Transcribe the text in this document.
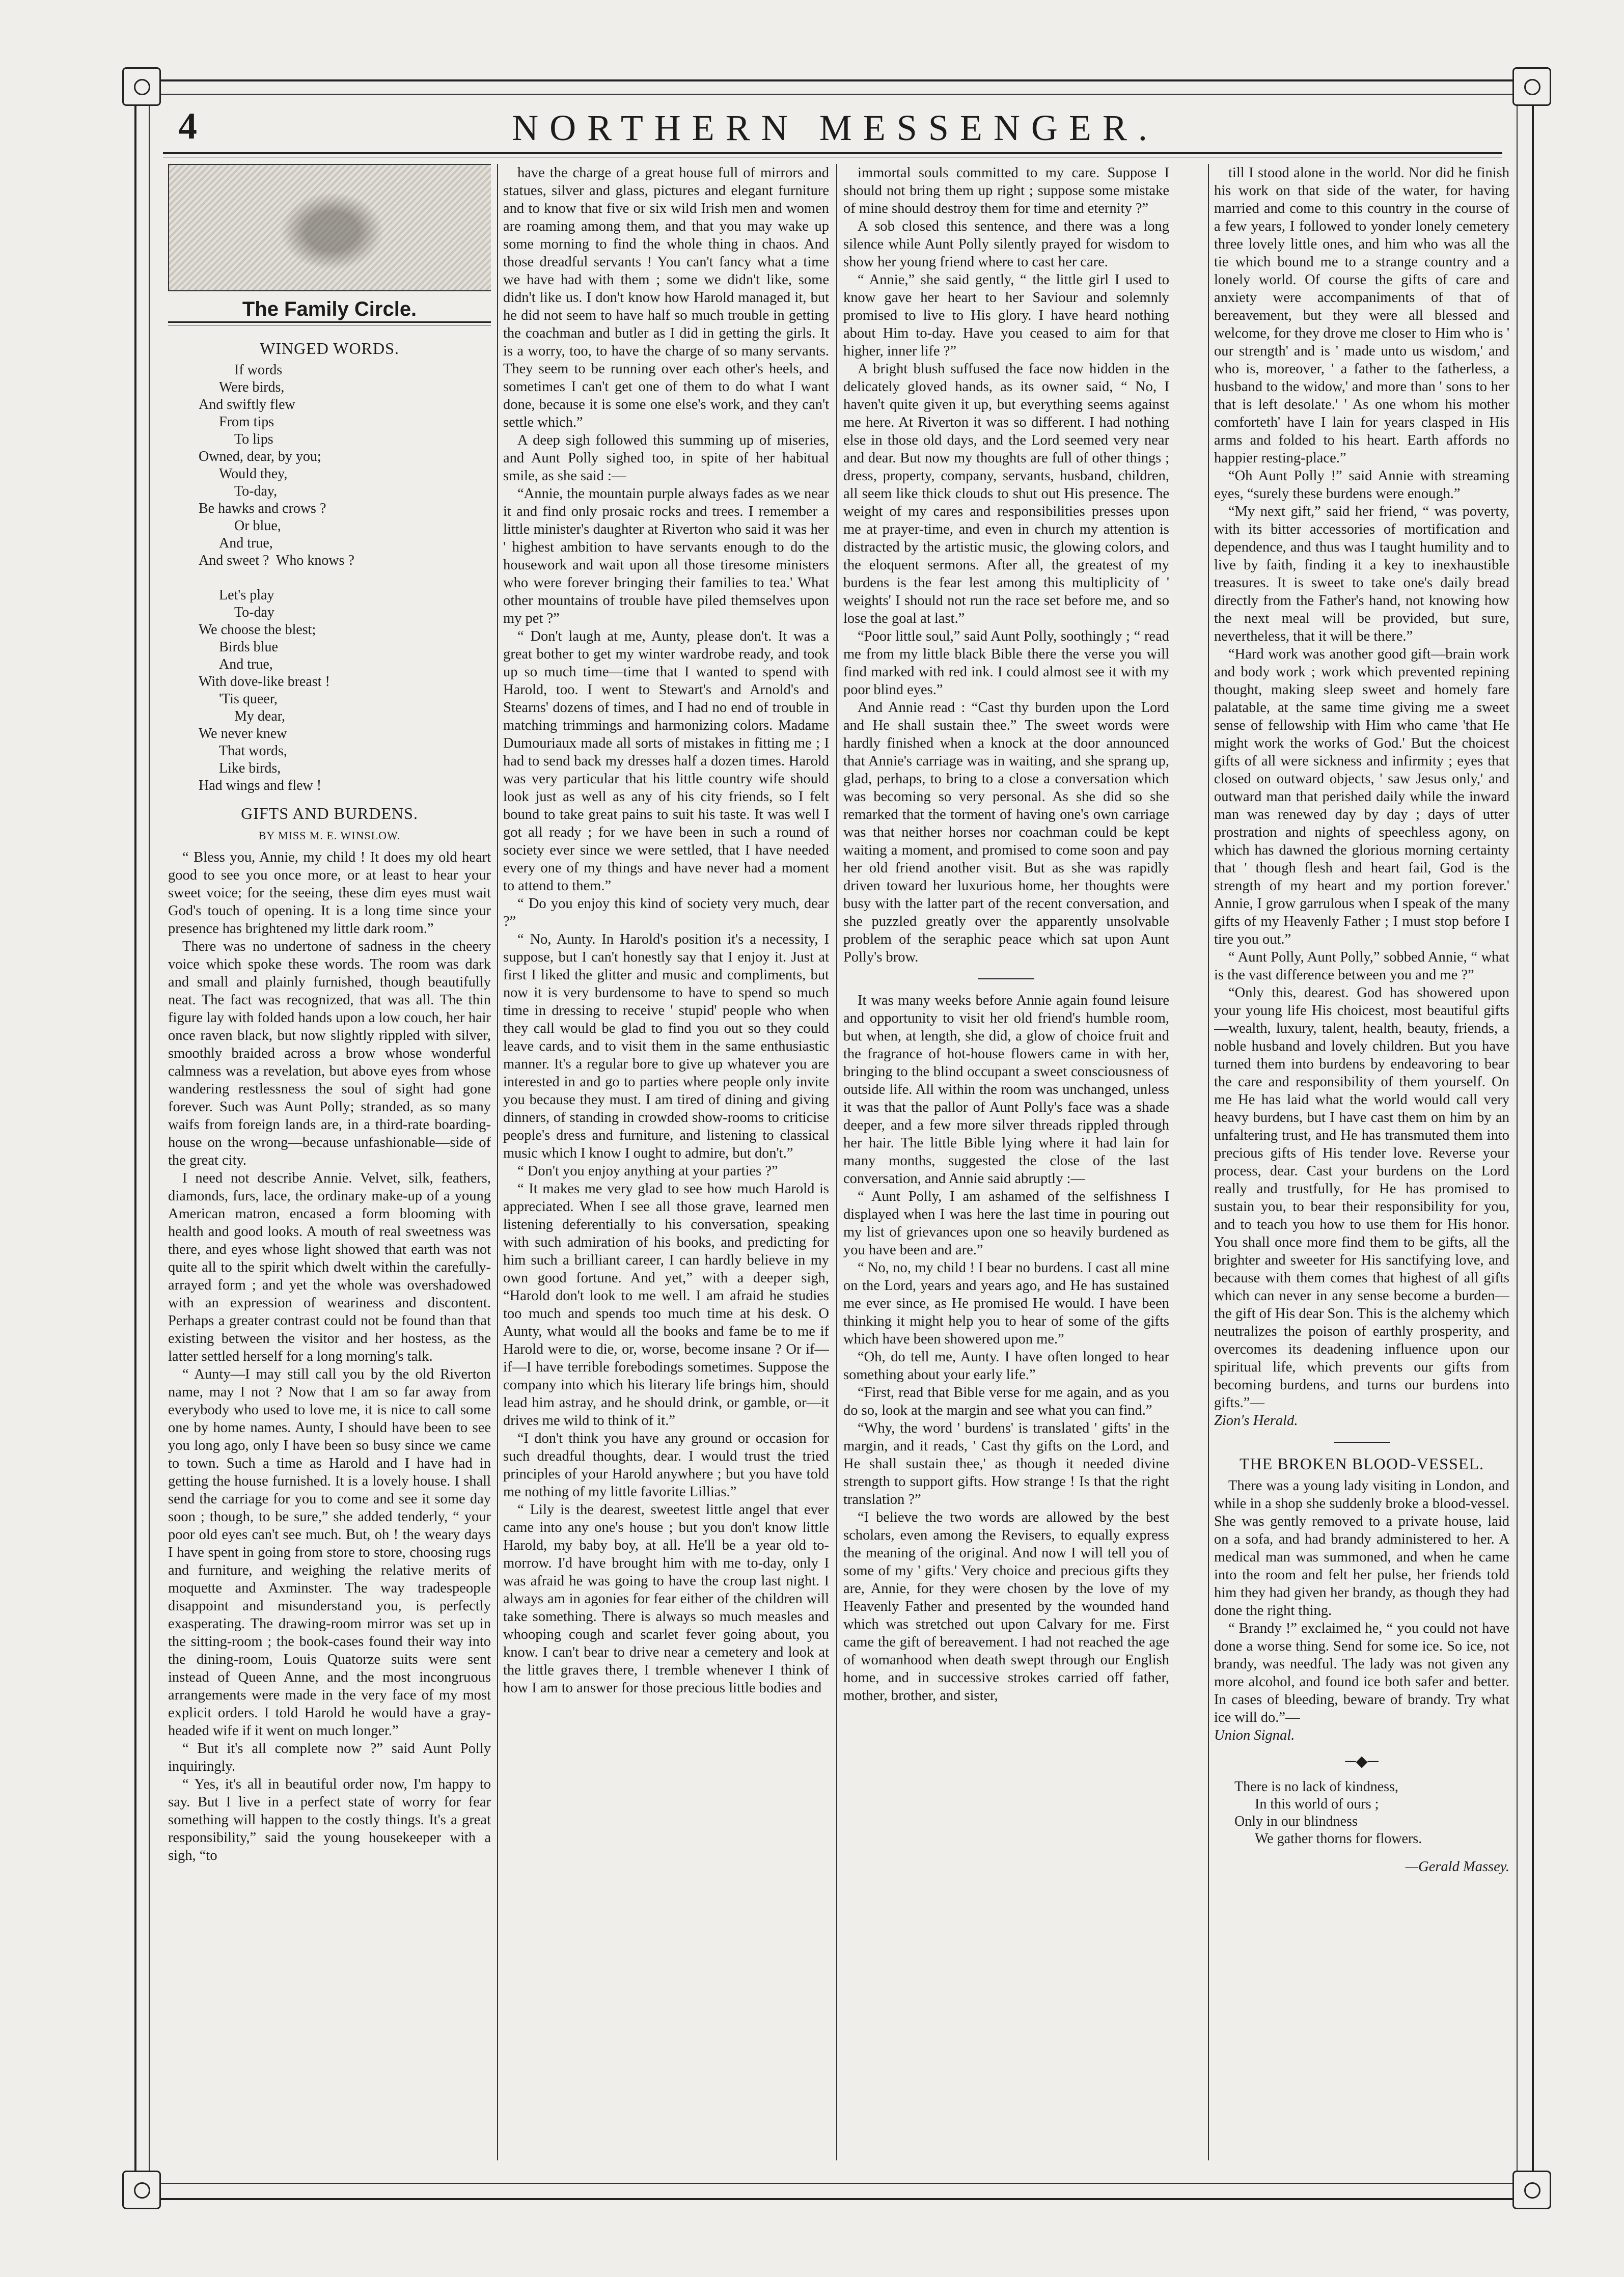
4	NORTHERN MESSENGER.
The Family Circle.
WINGED WORDS.
If words
Were birds,
And swiftly flew
From tips
To lips
Owned, dear, by you;
Would they,
To-day,
Be hawks and crows ?
Or blue,
And true,
And sweet ?  Who knows ?

Let's play
To-day
We choose the blest;
Birds blue
And true,
With dove-like breast !
'Tis queer,
My dear,
We never knew
That words,
Like birds,
Had wings and flew !
GIFTS AND BURDENS.
BY MISS M. E. WINSLOW.

“ Bless you, Annie, my child ! It does my old heart good to see you once more, or at least to hear your sweet voice; for the seeing, these dim eyes must wait God's touch of opening. It is a long time since your presence has brightened my little dark room.”

There was no undertone of sadness in the cheery voice which spoke these words. The room was dark and small and plainly furnished, though beautifully neat. The fact was recognized, that was all. The thin figure lay with folded hands upon a low couch, her hair once raven black, but now slightly rippled with silver, smoothly braided across a brow whose wonderful calmness was a revelation, but above eyes from whose wandering restlessness the soul of sight had gone forever. Such was Aunt Polly; stranded, as so many waifs from foreign lands are, in a third-rate boarding-house on the wrong—because unfashionable—side of the great city.

I need not describe Annie. Velvet, silk, feathers, diamonds, furs, lace, the ordinary make-up of a young American matron, encased a form blooming with health and good looks. A mouth of real sweetness was there, and eyes whose light showed that earth was not quite all to the spirit which dwelt within the carefully-arrayed form ; and yet the whole was overshadowed with an expression of weariness and discontent. Perhaps a greater contrast could not be found than that existing between the visitor and her hostess, as the latter settled herself for a long morning's talk.

“ Aunty—I may still call you by the old Riverton name, may I not ? Now that I am so far away from everybody who used to love me, it is nice to call some one by home names. Aunty, I should have been to see you long ago, only I have been so busy since we came to town. Such a time as Harold and I have had in getting the house furnished. It is a lovely house. I shall send the carriage for you to come and see it some day soon ; though, to be sure,” she added tenderly, “ your poor old eyes can't see much. But, oh ! the weary days I have spent in going from store to store, choosing rugs and furniture, and weighing the relative merits of moquette and Axminster. The way tradespeople disappoint and misunderstand you, is perfectly exasperating. The drawing-room mirror was set up in the sitting-room ; the book-cases found their way into the dining-room, Louis Quatorze suits were sent instead of Queen Anne, and the most incongruous arrangements were made in the very face of my most explicit orders. I told Harold he would have a gray-headed wife if it went on much longer.”

“ But it's all complete now ?” said Aunt Polly inquiringly.

“ Yes, it's all in beautiful order now, I'm happy to say. But I live in a perfect state of worry for fear something will happen to the costly things. It's a great responsibility,” said the young housekeeper with a sigh, “to

have the charge of a great house full of mirrors and statues, silver and glass, pictures and elegant furniture and to know that five or six wild Irish men and women are roaming among them, and that you may wake up some morning to find the whole thing in chaos. And those dreadful servants ! You can't fancy what a time we have had with them ; some we didn't like, some didn't like us. I don't know how Harold managed it, but he did not seem to have half so much trouble in getting the coachman and butler as I did in getting the girls. It is a worry, too, to have the charge of so many servants. They seem to be running over each other's heels, and sometimes I can't get one of them to do what I want done, because it is some one else's work, and they can't settle which.”

A deep sigh followed this summing up of miseries, and Aunt Polly sighed too, in spite of her habitual smile, as she said :—

“Annie, the mountain purple always fades as we near it and find only prosaic rocks and trees. I remember a little minister's daughter at Riverton who said it was her ' highest ambition to have servants enough to do the housework and wait upon all those tiresome ministers who were forever bringing their families to tea.' What other mountains of trouble have piled themselves upon my pet ?”

“ Don't laugh at me, Aunty, please don't. It was a great bother to get my winter wardrobe ready, and took up so much time—time that I wanted to spend with Harold, too. I went to Stewart's and Arnold's and Stearns' dozens of times, and I had no end of trouble in matching trimmings and harmonizing colors. Madame Dumouriaux made all sorts of mistakes in fitting me ; I had to send back my dresses half a dozen times. Harold was very particular that his little country wife should look just as well as any of his city friends, so I felt bound to take great pains to suit his taste. It was well I got all ready ; for we have been in such a round of society ever since we were settled, that I have needed every one of my things and have never had a moment to attend to them.”

“ Do you enjoy this kind of society very much, dear ?”

“ No, Aunty. In Harold's position it's a necessity, I suppose, but I can't honestly say that I enjoy it. Just at first I liked the glitter and music and compliments, but now it is very burdensome to have to spend so much time in dressing to receive ' stupid' people who when they call would be glad to find you out so they could leave cards, and to visit them in the same enthusiastic manner. It's a regular bore to give up whatever you are interested in and go to parties where people only invite you because they must. I am tired of dining and giving dinners, of standing in crowded show-rooms to criticise people's dress and furniture, and listening to classical music which I know I ought to admire, but don't.”

“ Don't you enjoy anything at your parties ?”

“ It makes me very glad to see how much Harold is appreciated. When I see all those grave, learned men listening deferentially to his conversation, speaking with such admiration of his books, and predicting for him such a brilliant career, I can hardly believe in my own good fortune. And yet,” with a deeper sigh, “Harold don't look to me well. I am afraid he studies too much and spends too much time at his desk. O Aunty, what would all the books and fame be to me if Harold were to die, or, worse, become insane ? Or if—if—I have terrible forebodings sometimes. Suppose the company into which his literary life brings him, should lead him astray, and he should drink, or gamble, or—it drives me wild to think of it.”

“I don't think you have any ground or occasion for such dreadful thoughts, dear. I would trust the tried principles of your Harold anywhere ; but you have told me nothing of my little favorite Lillias.”

“ Lily is the dearest, sweetest little angel that ever came into any one's house ; but you don't know little Harold, my baby boy, at all. He'll be a year old to-morrow. I'd have brought him with me to-day, only I was afraid he was going to have the croup last night. I always am in agonies for fear either of the children will take something. There is always so much measles and whooping cough and scarlet fever going about, you know. I can't bear to drive near a cemetery and look at the little graves there, I tremble whenever I think of how I am to answer for those precious little bodies and

immortal souls committed to my care. Suppose I should not bring them up right ; suppose some mistake of mine should destroy them for time and eternity ?”

A sob closed this sentence, and there was a long silence while Aunt Polly silently prayed for wisdom to show her young friend where to cast her care.

“ Annie,” she said gently, “ the little girl I used to know gave her heart to her Saviour and solemnly promised to live to His glory. I have heard nothing about Him to-day. Have you ceased to aim for that higher, inner life ?”

A bright blush suffused the face now hidden in the delicately gloved hands, as its owner said, “ No, I haven't quite given it up, but everything seems against me here. At Riverton it was so different. I had nothing else in those old days, and the Lord seemed very near and dear. But now my thoughts are full of other things ; dress, property, company, servants, husband, children, all seem like thick clouds to shut out His presence. The weight of my cares and responsibilities presses upon me at prayer-time, and even in church my attention is distracted by the artistic music, the glowing colors, and the eloquent sermons. After all, the greatest of my burdens is the fear lest among this multiplicity of ' weights' I should not run the race set before me, and so lose the goal at last.”

“Poor little soul,” said Aunt Polly, soothingly ; “ read me from my little black Bible there the verse you will find marked with red ink. I could almost see it with my poor blind eyes.”

And Annie read : “Cast thy burden upon the Lord and He shall sustain thee.” The sweet words were hardly finished when a knock at the door announced that Annie's carriage was in waiting, and she sprang up, glad, perhaps, to bring to a close a conversation which was becoming so very personal. As she did so she remarked that the torment of having one's own carriage was that neither horses nor coachman could be kept waiting a moment, and promised to come soon and pay her old friend another visit. But as she was rapidly driven toward her luxurious home, her thoughts were busy with the latter part of the recent conversation, and she puzzled greatly over the apparently unsolvable problem of the seraphic peace which sat upon Aunt Polly's brow.

It was many weeks before Annie again found leisure and opportunity to visit her old friend's humble room, but when, at length, she did, a glow of choice fruit and the fragrance of hot-house flowers came in with her, bringing to the blind occupant a sweet consciousness of outside life. All within the room was unchanged, unless it was that the pallor of Aunt Polly's face was a shade deeper, and a few more silver threads rippled through her hair. The little Bible lying where it had lain for many months, suggested the close of the last conversation, and Annie said abruptly :—

“ Aunt Polly, I am ashamed of the selfishness I displayed when I was here the last time in pouring out my list of grievances upon one so heavily burdened as you have been and are.”

“ No, no, my child ! I bear no burdens. I cast all mine on the Lord, years and years ago, and He has sustained me ever since, as He promised He would. I have been thinking it might help you to hear of some of the gifts which have been showered upon me.”

“Oh, do tell me, Aunty. I have often longed to hear something about your early life.”

“First, read that Bible verse for me again, and as you do so, look at the margin and see what you can find.”

“Why, the word ' burdens' is translated ' gifts' in the margin, and it reads, ' Cast thy gifts on the Lord, and He shall sustain thee,' as though it needed divine strength to support gifts. How strange ! Is that the right translation ?”

“I believe the two words are allowed by the best scholars, even among the Revisers, to equally express the meaning of the original. And now I will tell you of some of my ' gifts.' Very choice and precious gifts they are, Annie, for they were chosen by the love of my Heavenly Father and presented by the wounded hand which was stretched out upon Calvary for me. First came the gift of bereavement. I had not reached the age of womanhood when death swept through our English home, and in successive strokes carried off father, mother, brother, and sister,

till I stood alone in the world. Nor did he finish his work on that side of the water, for having married and come to this country in the course of a few years, I followed to yonder lonely cemetery three lovely little ones, and him who was all the tie which bound me to a strange country and a lonely world. Of course the gifts of care and anxiety were accompaniments of that of bereavement, but they were all blessed and welcome, for they drove me closer to Him who is ' our strength' and is ' made unto us wisdom,' and who is, moreover, ' a father to the fatherless, a husband to the widow,' and more than ' sons to her that is left desolate.' ' As one whom his mother comforteth' have I lain for years clasped in His arms and folded to his heart. Earth affords no happier resting-place.”

“Oh Aunt Polly !” said Annie with streaming eyes, “surely these burdens were enough.”

“My next gift,” said her friend, “ was poverty, with its bitter accessories of mortification and dependence, and thus was I taught humility and to live by faith, finding it a key to inexhaustible treasures. It is sweet to take one's daily bread directly from the Father's hand, not knowing how the next meal will be provided, but sure, nevertheless, that it will be there.”

“Hard work was another good gift—brain work and body work ; work which prevented repining thought, making sleep sweet and homely fare palatable, at the same time giving me a sweet sense of fellowship with Him who came 'that He might work the works of God.' But the choicest gifts of all were sickness and infirmity ; eyes that closed on outward objects, ' saw Jesus only,' and outward man that perished daily while the inward man was renewed day by day ; days of utter prostration and nights of speechless agony, on which has dawned the glorious morning certainty that ' though flesh and heart fail, God is the strength of my heart and my portion forever.' Annie, I grow garrulous when I speak of the many gifts of my Heavenly Father ; I must stop before I tire you out.”

“ Aunt Polly, Aunt Polly,” sobbed Annie, “ what is the vast difference between you and me ?”

“Only this, dearest. God has showered upon your young life His choicest, most beautiful gifts—wealth, luxury, talent, health, beauty, friends, a noble husband and lovely children. But you have turned them into burdens by endeavoring to bear the care and responsibility of them yourself. On me He has laid what the world would call very heavy burdens, but I have cast them on him by an unfaltering trust, and He has transmuted them into precious gifts of His tender love. Reverse your process, dear. Cast your burdens on the Lord really and trustfully, for He has promised to sustain you, to bear their responsibility for you, and to teach you how to use them for His honor. You shall once more find them to be gifts, all the brighter and sweeter for His sanctifying love, and because with them comes that highest of all gifts which can never in any sense become a burden—the gift of His dear Son. This is the alchemy which neutralizes the poison of earthly prosperity, and overcomes its deadening influence upon our spiritual life, which prevents our gifts from becoming burdens, and turns our burdens into gifts.”—

Zion's Herald.

THE BROKEN BLOOD-VESSEL.

There was a young lady visiting in London, and while in a shop she suddenly broke a blood-vessel. She was gently removed to a private house, laid on a sofa, and had brandy administered to her. A medical man was summoned, and when he came into the room and felt her pulse, her friends told him they had given her brandy, as though they had done the right thing.

“ Brandy !” exclaimed he, “ you could not have done a worse thing. Send for some ice. So ice, not brandy, was needful. The lady was not given any more alcohol, and found ice both safer and better. In cases of bleeding, beware of brandy. Try what ice will do.”—

Union Signal.

─◆─
There is no lack of kindness,
In this world of ours ;
Only in our blindness
We gather thorns for flowers.

—Gerald Massey.
